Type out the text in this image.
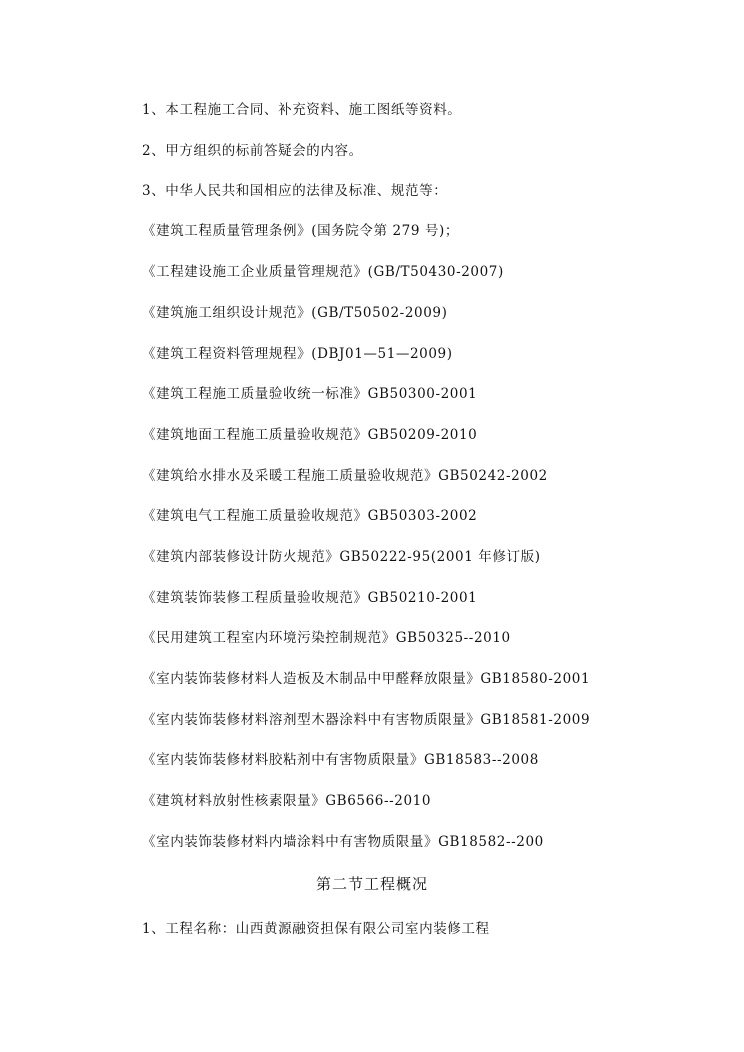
1、本工程施工合同、补充资料、施工图纸等资料。
2、甲方组织的标前答疑会的内容。
3、中华人民共和国相应的法律及标准、规范等：
《建筑工程质量管理条例》(国务院令第 279 号)；
《工程建设施工企业质量管理规范》(GB/T50430-2007)
《建筑施工组织设计规范》(GB/T50502-2009)
《建筑工程资料管理规程》(DBJ01—51—2009)
《建筑工程施工质量验收统一标准》GB50300-2001
《建筑地面工程施工质量验收规范》GB50209-2010
《建筑给水排水及采暖工程施工质量验收规范》GB50242-2002
《建筑电气工程施工质量验收规范》GB50303-2002
《建筑内部装修设计防火规范》GB50222-95(2001 年修订版)
《建筑装饰装修工程质量验收规范》GB50210-2001
《民用建筑工程室内环境污染控制规范》GB50325--2010
《室内装饰装修材料人造板及木制品中甲醛释放限量》GB18580-2001
《室内装饰装修材料溶剂型木器涂料中有害物质限量》GB18581-2009
《室内装饰装修材料胶粘剂中有害物质限量》GB18583--2008
《建筑材料放射性核素限量》GB6566--2010
《室内装饰装修材料内墙涂料中有害物质限量》GB18582--200
第二节工程概况
1、工程名称：山西黄源融资担保有限公司室内装修工程
